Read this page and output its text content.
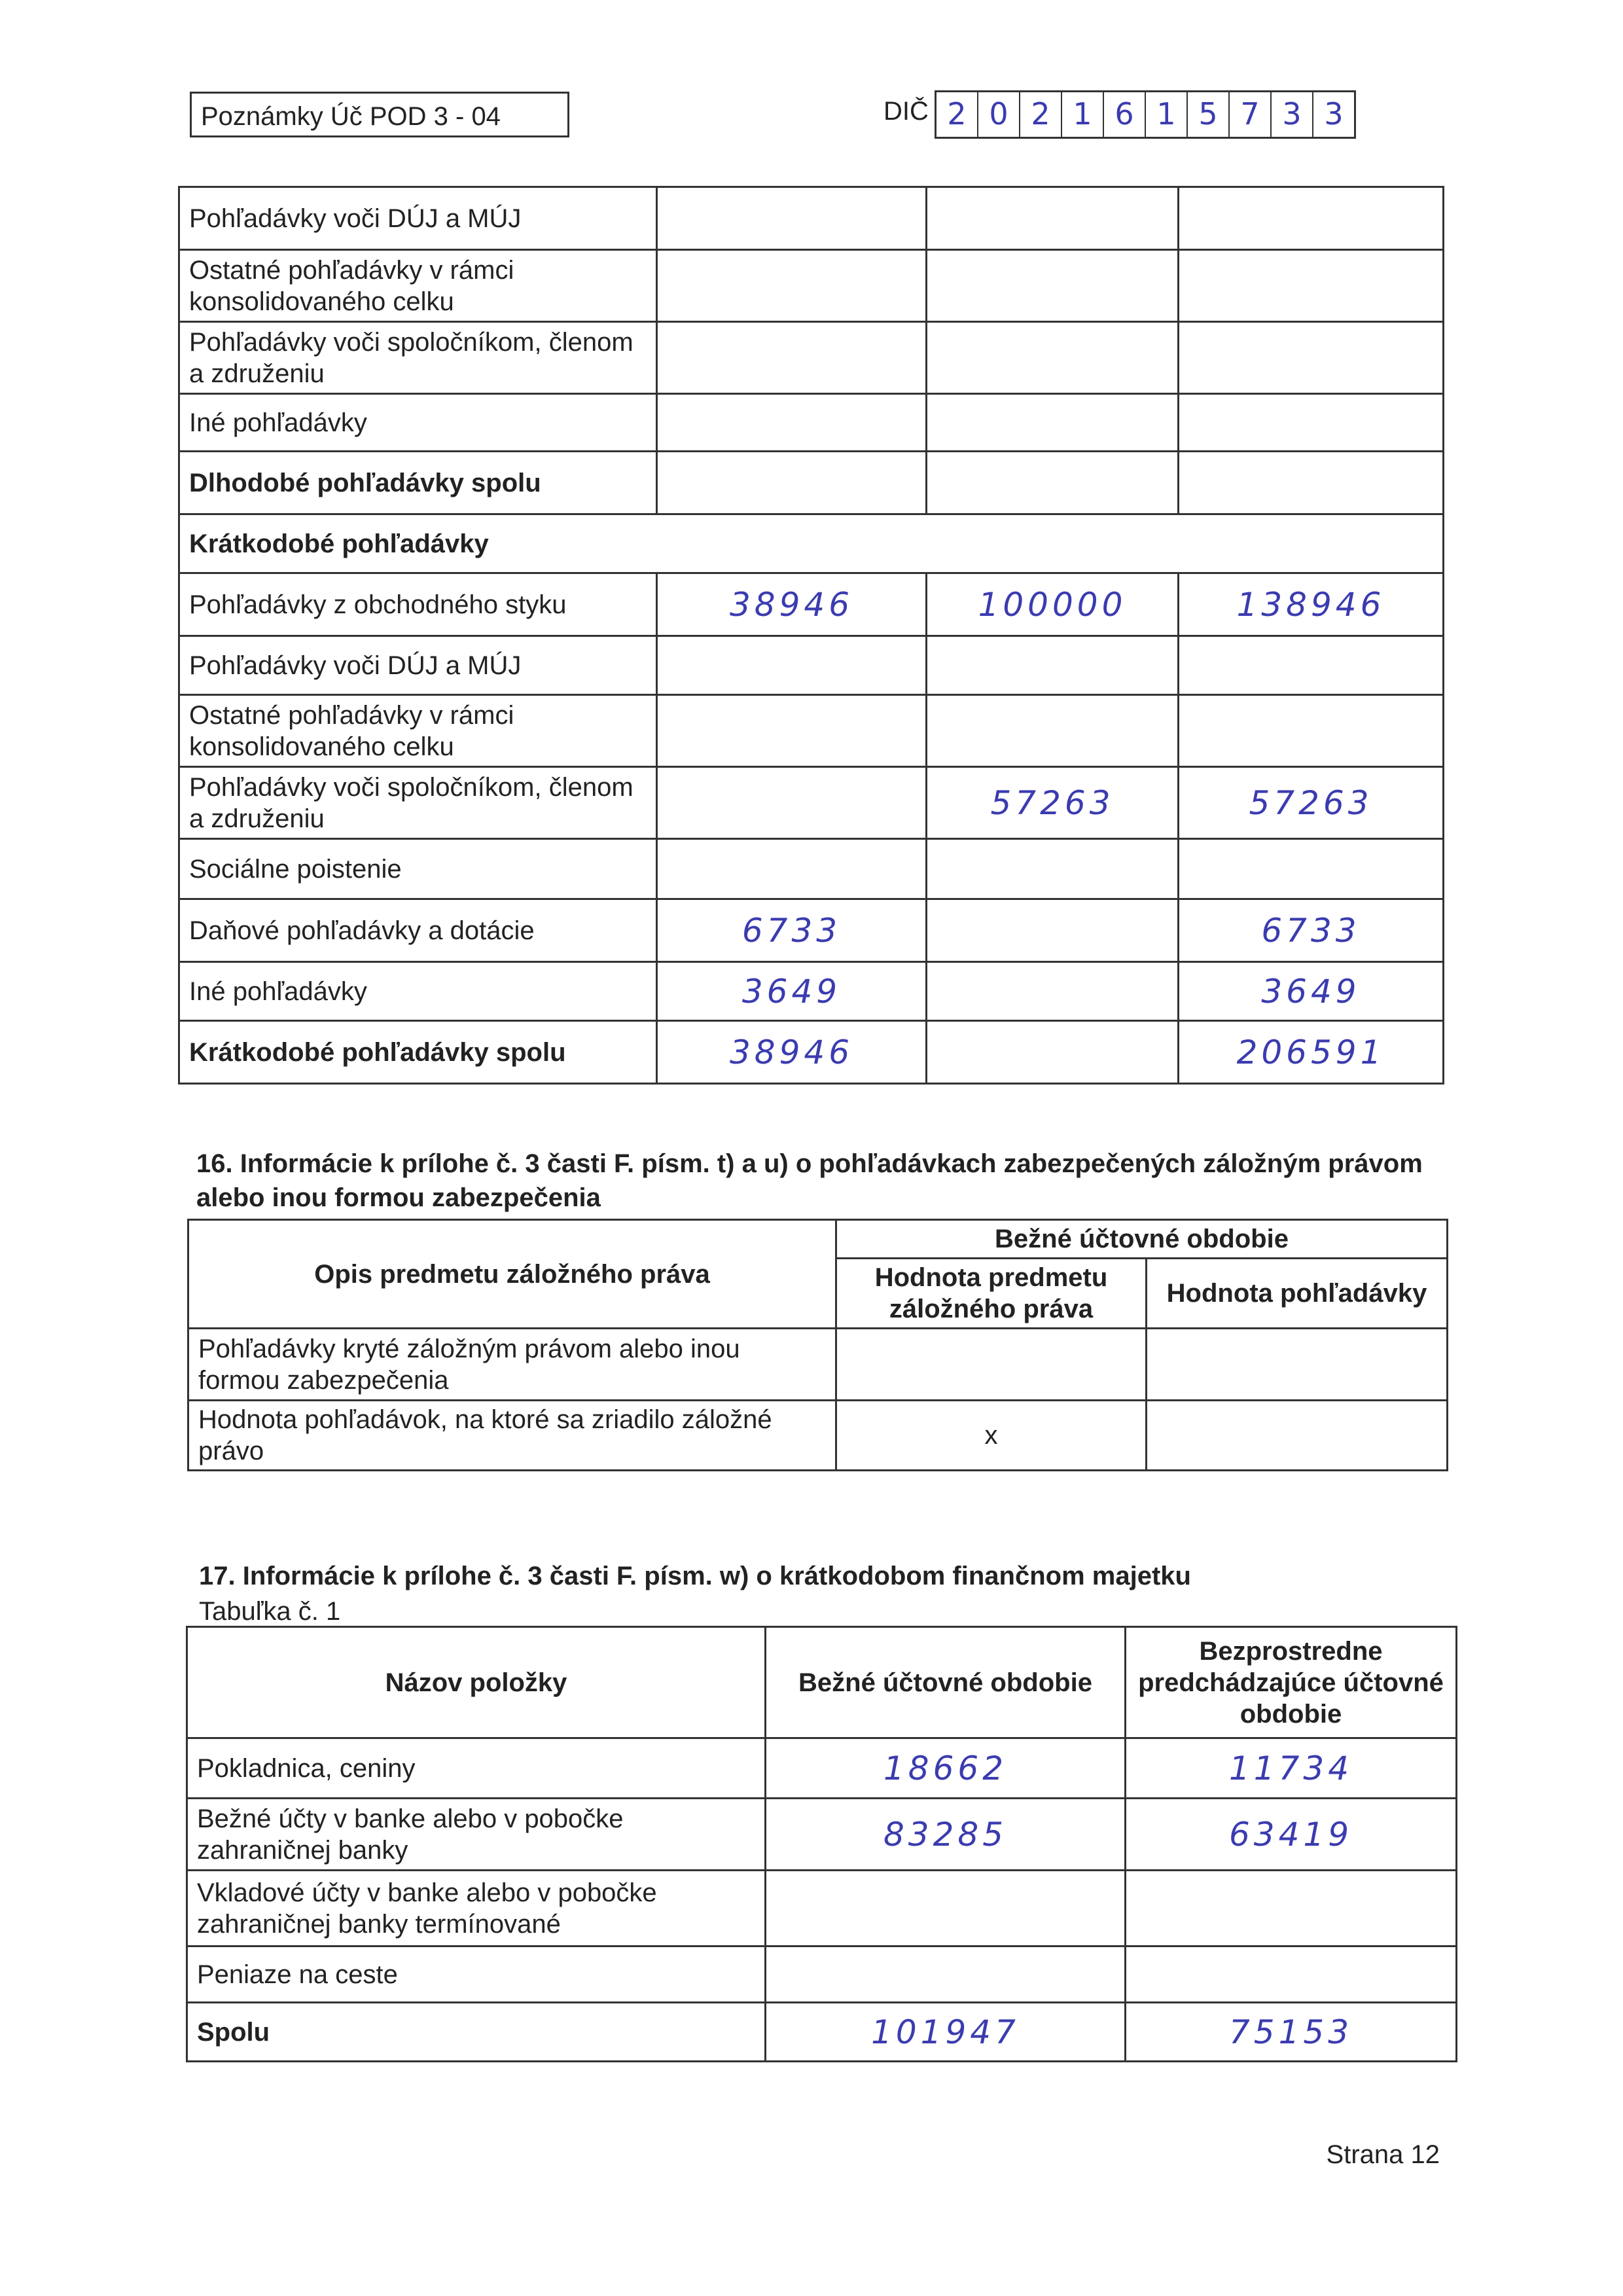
Poznámky Úč POD 3 - 04	DIČ 2 0 2 1 6 1 5 7 3 3
Pohľadávky voči DÚJ a MÚJ			
Ostatné pohľadávky v rámci konsolidovaného celku			
Pohľadávky voči spoločníkom, členom a združeniu			
Iné pohľadávky			
Dlhodobé pohľadávky spolu			
Krátkodobé pohľadávky			
Pohľadávky z obchodného styku	38946	100000	138946
Pohľadávky voči DÚJ a MÚJ			
Ostatné pohľadávky v rámci konsolidovaného celku			
Pohľadávky voči spoločníkom, členom a združeniu		57263	57263
Sociálne poistenie			
Daňové pohľadávky a dotácie	6733		6733
Iné pohľadávky	3649		3649
Krátkodobé pohľadávky spolu	38946		206591
16. Informácie k prílohe č. 3 časti F. písm. t) a u) o pohľadávkach zabezpečených záložným právom alebo inou formou zabezpečenia
Opis predmetu záložného práva	Bežné účtovné obdobie	
	Hodnota predmetu záložného práva	Hodnota pohľadávky
Pohľadávky kryté záložným právom alebo inou formou zabezpečenia		
Hodnota pohľadávok, na ktoré sa zriadilo záložné právo	x	
17. Informácie k prílohe č. 3 časti F. písm. w) o krátkodobom finančnom majetku
Tabuľka č. 1
Názov položky	Bežné účtovné obdobie	Bezprostredne predchádzajúce účtovné obdobie
Pokladnica, ceniny	18662	11734
Bežné účty v banke alebo v pobočke zahraničnej banky	83285	63419
Vkladové účty v banke alebo v pobočke zahraničnej banky termínované		
Peniaze na ceste		
Spolu	101947	75153
Strana 12
